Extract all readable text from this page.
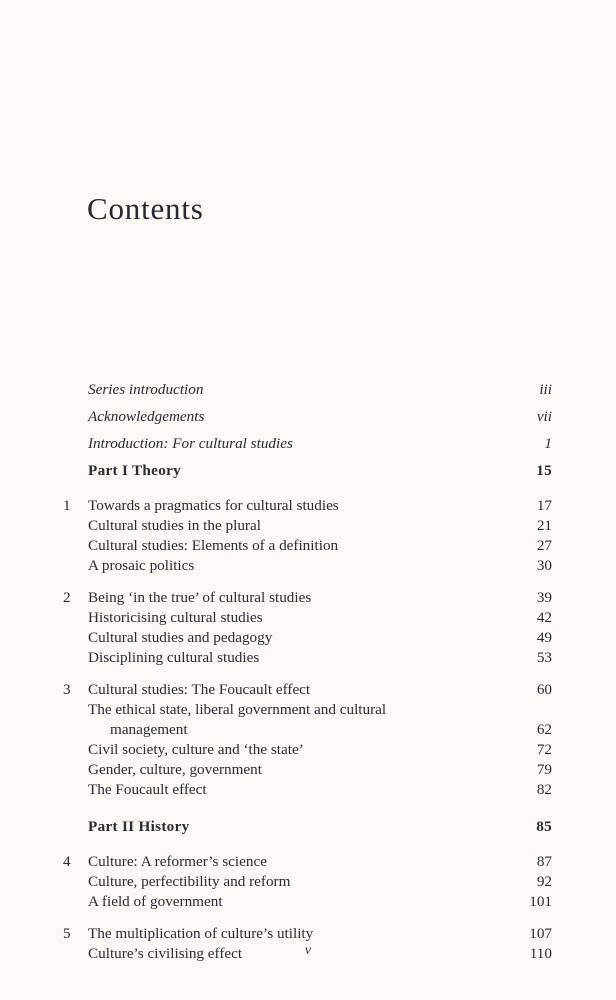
Contents
Series introduction	iii
Acknowledgements	vii
Introduction: For cultural studies	1
Part I Theory	15
1	Towards a pragmatics for cultural studies	17
Cultural studies in the plural	21
Cultural studies: Elements of a definition	27
A prosaic politics	30
2	Being ‘in the true’ of cultural studies	39
Historicising cultural studies	42
Cultural studies and pedagogy	49
Disciplining cultural studies	53
3	Cultural studies: The Foucault effect	60
The ethical state, liberal government and cultural
management	62
Civil society, culture and ‘the state’	72
Gender, culture, government	79
The Foucault effect	82
Part II History	85
4	Culture: A reformer’s science	87
Culture, perfectibility and reform	92
A field of government	101
5	The multiplication of culture’s utility	107
Culture’s civilising effect	110
v
